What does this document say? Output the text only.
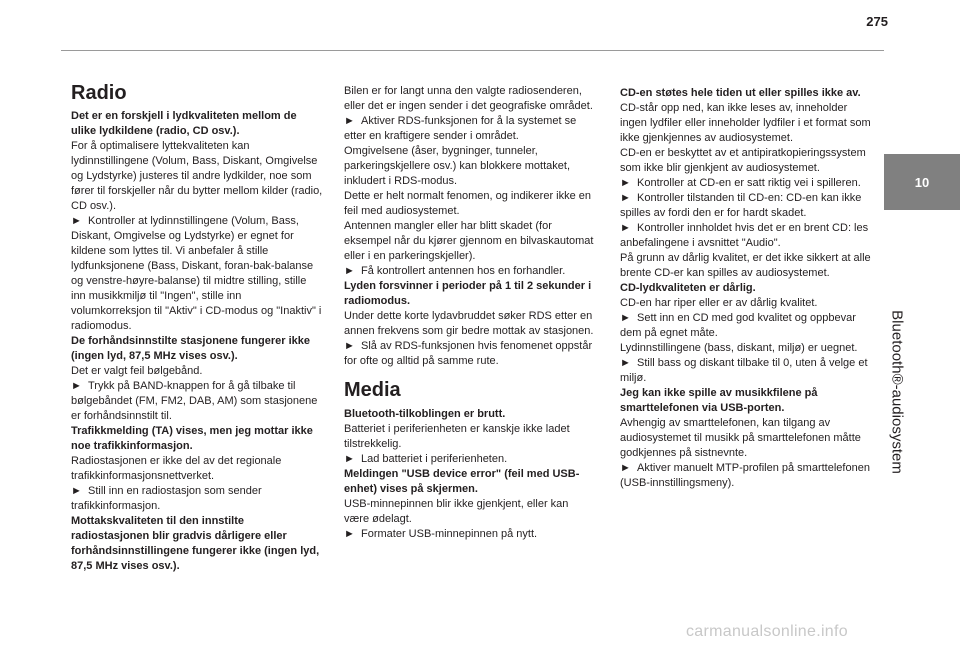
275
10
Bluetooth®-audiosystem
Radio
Det er en forskjell i lydkvaliteten mellom de ulike lydkildene (radio, CD osv.).
For å optimalisere lyttekvaliteten kan lydinnstillingene (Volum, Bass, Diskant, Omgivelse og Lydstyrke) justeres til andre lydkilder, noe som fører til forskjeller når du bytter mellom kilder (radio, CD osv.).
►  Kontroller at lydinnstillingene (Volum, Bass, Diskant, Omgivelse og Lydstyrke) er egnet for kildene som lyttes til. Vi anbefaler å stille lydfunksjonene (Bass, Diskant, foran-bak-balanse og venstre-høyre-balanse) til midtre stilling, stille inn musikkmiljø til "Ingen", stille inn volumkorreksjon til "Aktiv" i CD-modus og "Inaktiv" i radiomodus.
De forhåndsinnstilte stasjonene fungerer ikke (ingen lyd, 87,5 MHz vises osv.).
Det er valgt feil bølgebånd.
►  Trykk på BAND-knappen for å gå tilbake til bølgebåndet (FM, FM2, DAB, AM) som stasjonene er forhåndsinnstilt til.
Trafikkmelding (TA) vises, men jeg mottar ikke noe trafikkinformasjon.
Radiostasjonen er ikke del av det regionale trafikkinformasjonsnettverket.
►  Still inn en radiostasjon som sender trafikkinformasjon.
Mottakskvaliteten til den innstilte radiostasjonen blir gradvis dårligere eller forhåndsinnstillingene fungerer ikke (ingen lyd, 87,5 MHz vises osv.).
Bilen er for langt unna den valgte radiosenderen, eller det er ingen sender i det geografiske området.
►  Aktiver RDS-funksjonen for å la systemet se etter en kraftigere sender i området.
Omgivelsene (åser, bygninger, tunneler, parkeringskjellere osv.) kan blokkere mottaket, inkludert i RDS-modus.
Dette er helt normalt fenomen, og indikerer ikke en feil med audiosystemet.
Antennen mangler eller har blitt skadet (for eksempel når du kjører gjennom en bilvaskautomat eller i en parkeringskjeller).
►  Få kontrollert antennen hos en forhandler.
Lyden forsvinner i perioder på 1 til 2 sekunder i radiomodus.
Under dette korte lydavbruddet søker RDS etter en annen frekvens som gir bedre mottak av stasjonen.
►  Slå av RDS-funksjonen hvis fenomenet oppstår for ofte og alltid på samme rute.
Media
Bluetooth-tilkoblingen er brutt.
Batteriet i periferienheten er kanskje ikke ladet tilstrekkelig.
►  Lad batteriet i periferienheten.
Meldingen "USB device error" (feil med USB-enhet) vises på skjermen.
USB-minnepinnen blir ikke gjenkjent, eller kan være ødelagt.
►  Formater USB-minnepinnen på nytt.
CD-en støtes hele tiden ut eller spilles ikke av.
CD-står opp ned, kan ikke leses av, inneholder ingen lydfiler eller inneholder lydfiler i et format som ikke gjenkjennes av audiosystemet.
CD-en er beskyttet av et antipiratkopieringssystem som ikke blir gjenkjent av audiosystemet.
►  Kontroller at CD-en er satt riktig vei i spilleren.
►  Kontroller tilstanden til CD-en: CD-en kan ikke spilles av fordi den er for hardt skadet.
►  Kontroller innholdet hvis det er en brent CD: les anbefalingene i avsnittet "Audio".
På grunn av dårlig kvalitet, er det ikke sikkert at alle brente CD-er kan spilles av audiosystemet.
CD-lydkvaliteten er dårlig.
CD-en har riper eller er av dårlig kvalitet.
►  Sett inn en CD med god kvalitet og oppbevar dem på egnet måte.
Lydinnstillingene (bass, diskant, miljø) er uegnet.
►  Still bass og diskant tilbake til 0, uten å velge et miljø.
Jeg kan ikke spille av musikkfilene på smarttelefonen via USB-porten.
Avhengig av smarttelefonen, kan tilgang av audiosystemet til musikk på smarttelefonen måtte godkjennes på sistnevnte.
►  Aktiver manuelt MTP-profilen på smarttelefonen (USB-innstillingsmeny).
carmanualsonline.info
